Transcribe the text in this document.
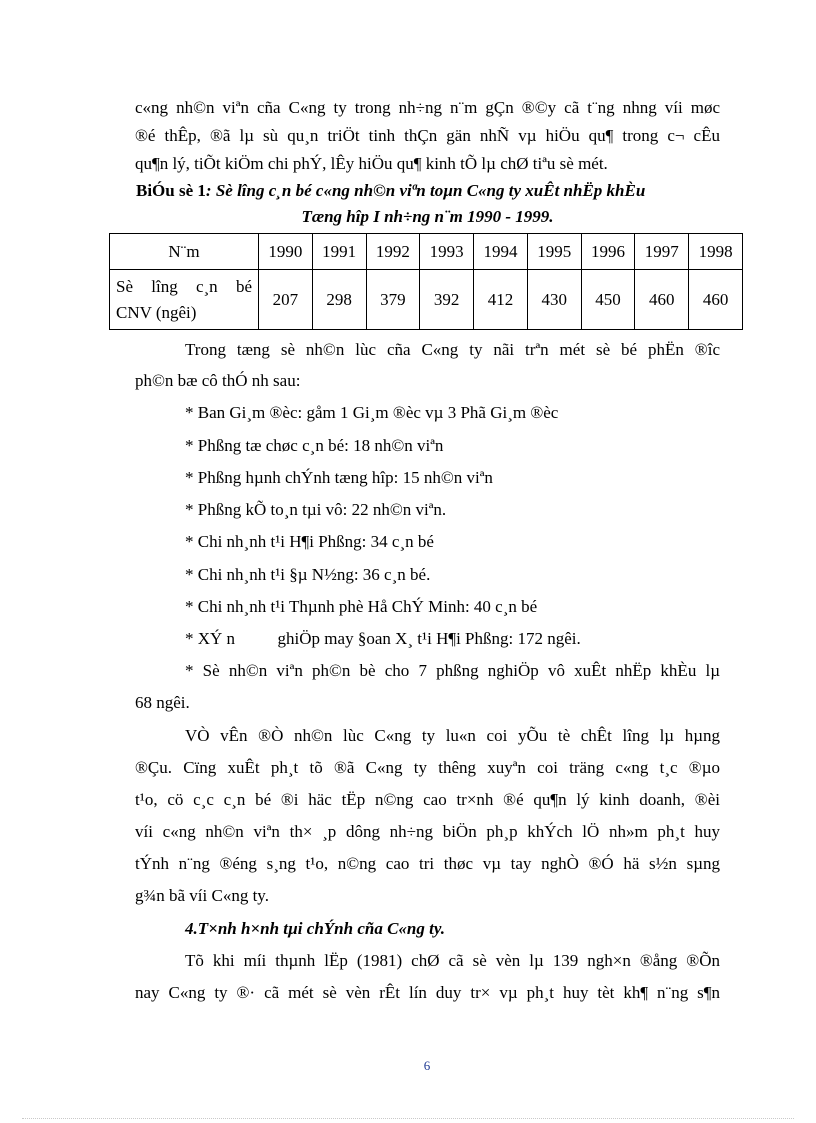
c«ng nh©n viªn cña C«ng ty trong nh÷ng n¨m gÇn ®©y cã t¨ng nhng víi møc
®é thÊp, ®ã lµ sù qu¸n triÖt tinh thÇn gän nhÑ vµ hiÖu qu¶ trong c¬ cÊu
qu¶n lý, tiÕt kiÖm chi phÝ, lÊy hiÖu qu¶ kinh tÕ lµ chØ tiªu sè mét.
BiÓu sè 1: Sè lîng c¸n bé c«ng nh©n viªn toµn C«ng ty xuÊt nhËp khÈu
Tæng hîp I nh÷ng n¨m 1990 - 1999.
N¨m	1990	1991	1992	1993	1994	1995	1996	1997	1998

Sè lîng c¸n bé
CNV (ngêi)	207	298	379	392	412	430	450	460	460
Trong tæng sè nh©n lùc cña C«ng ty nãi trªn mét sè bé phËn ®îc
ph©n bæ cô thÓ nh sau:
* Ban Gi¸m ®èc: gåm 1 Gi¸m ®èc vµ 3 Phã Gi¸m ®èc
* Phßng tæ chøc c¸n bé: 18 nh©n viªn
* Phßng hµnh chÝnh tæng hîp: 15 nh©n viªn
* Phßng kÕ to¸n tµi vô: 22 nh©n viªn.
* Chi nh¸nh t¹i H¶i Phßng: 34 c¸n bé
* Chi nh¸nh t¹i §µ N½ng: 36 c¸n bé.
* Chi nh¸nh t¹i Thµnh phè Hå ChÝ Minh: 40 c¸n bé
* XÝ n          ghiÖp may §oan X¸ t¹i H¶i Phßng: 172 ngêi.
* Sè nh©n viªn ph©n bè cho 7 phßng nghiÖp vô xuÊt nhËp khÈu lµ
68 ngêi.
VÒ vÊn ®Ò nh©n lùc C«ng ty lu«n coi yÕu tè chÊt lîng lµ hµng
®Çu. Cïng xuÊt ph¸t tõ ®ã C«ng ty thêng xuyªn coi träng c«ng t¸c ®µo
t¹o, cö c¸c c¸n bé ®i häc tËp n©ng cao tr×nh ®é qu¶n lý kinh doanh, ®èi
víi c«ng nh©n viªn th× ¸p dông nh÷ng biÖn ph¸p khÝch lÖ nh»m ph¸t huy
tÝnh n¨ng ®éng s¸ng t¹o, n©ng cao tri thøc vµ tay nghÒ ®Ó hä s½n sµng
g¾n bã víi C«ng ty.
4.T×nh h×nh tµi chÝnh cña C«ng ty.
Tõ khi míi thµnh lËp (1981) chØ cã sè vèn lµ 139 ngh×n ®ång ®Õn
nay C«ng ty ®· cã mét sè vèn rÊt lín duy tr× vµ ph¸t huy tèt kh¶ n¨ng s¶n
6
